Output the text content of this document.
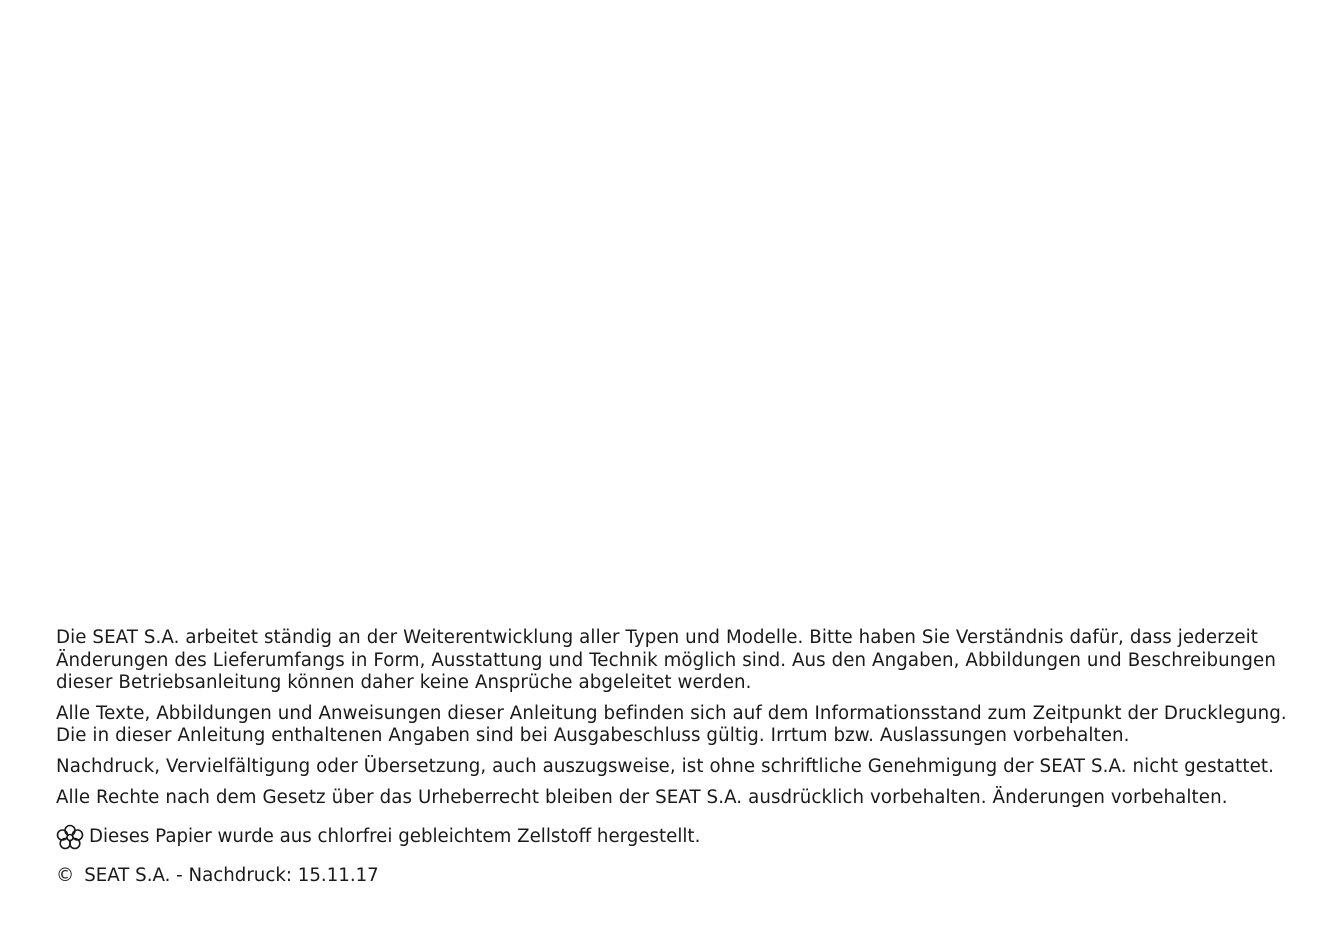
Die SEAT S.A. arbeitet ständig an der Weiterentwicklung aller Typen und Modelle. Bitte haben Sie Verständnis dafür, dass jederzeit
Änderungen des Lieferumfangs in Form, Ausstattung und Technik möglich sind. Aus den Angaben, Abbildungen und Beschreibungen
dieser Betriebsanleitung können daher keine Ansprüche abgeleitet werden.

Alle Texte, Abbildungen und Anweisungen dieser Anleitung befinden sich auf dem Informationsstand zum Zeitpunkt der Drucklegung.
Die in dieser Anleitung enthaltenen Angaben sind bei Ausgabeschluss gültig. Irrtum bzw. Auslassungen vorbehalten.

Nachdruck, Vervielfältigung oder Übersetzung, auch auszugsweise, ist ohne schriftliche Genehmigung der SEAT S.A. nicht gestattet.

Alle Rechte nach dem Gesetz über das Urheberrecht bleiben der SEAT S.A. ausdrücklich vorbehalten. Änderungen vorbehalten.

Dieses Papier wurde aus chlorfrei gebleichtem Zellstoff hergestellt.
© SEAT S.A. - Nachdruck: 15.11.17
